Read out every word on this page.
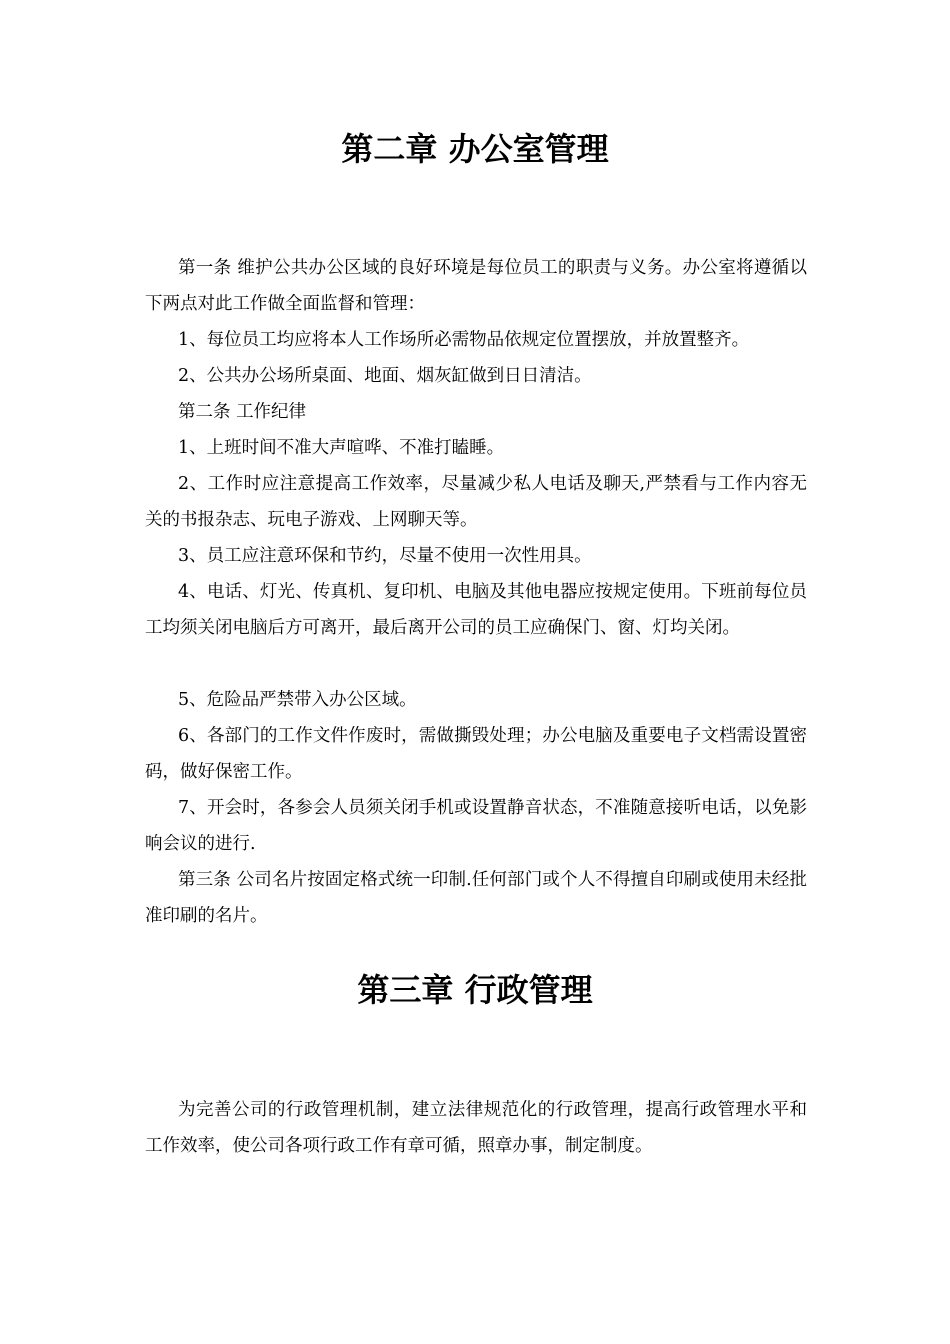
第二章 办公室管理

第一条 维护公共办公区域的良好环境是每位员工的职责与义务。办公室将遵循以下两点对此工作做全面监督和管理：

1、每位员工均应将本人工作场所必需物品依规定位置摆放，并放置整齐。

2、公共办公场所桌面、地面、烟灰缸做到日日清洁。

第二条 工作纪律

1、上班时间不准大声喧哗、不准打瞌睡。

2、工作时应注意提高工作效率，尽量减少私人电话及聊天,严禁看与工作内容无关的书报杂志、玩电子游戏、上网聊天等。

3、员工应注意环保和节约，尽量不使用一次性用具。

4、电话、灯光、传真机、复印机、电脑及其他电器应按规定使用。下班前每位员工均须关闭电脑后方可离开，最后离开公司的员工应确保门、窗、灯均关闭。

5、危险品严禁带入办公区域。

6、各部门的工作文件作废时，需做撕毁处理；办公电脑及重要电子文档需设置密码，做好保密工作。

7、开会时，各参会人员须关闭手机或设置静音状态，不准随意接听电话，以免影响会议的进行.

第三条 公司名片按固定格式统一印制.任何部门或个人不得擅自印刷或使用未经批准印刷的名片。

第三章 行政管理

为完善公司的行政管理机制，建立法律规范化的行政管理，提高行政管理水平和工作效率，使公司各项行政工作有章可循，照章办事，制定制度。
